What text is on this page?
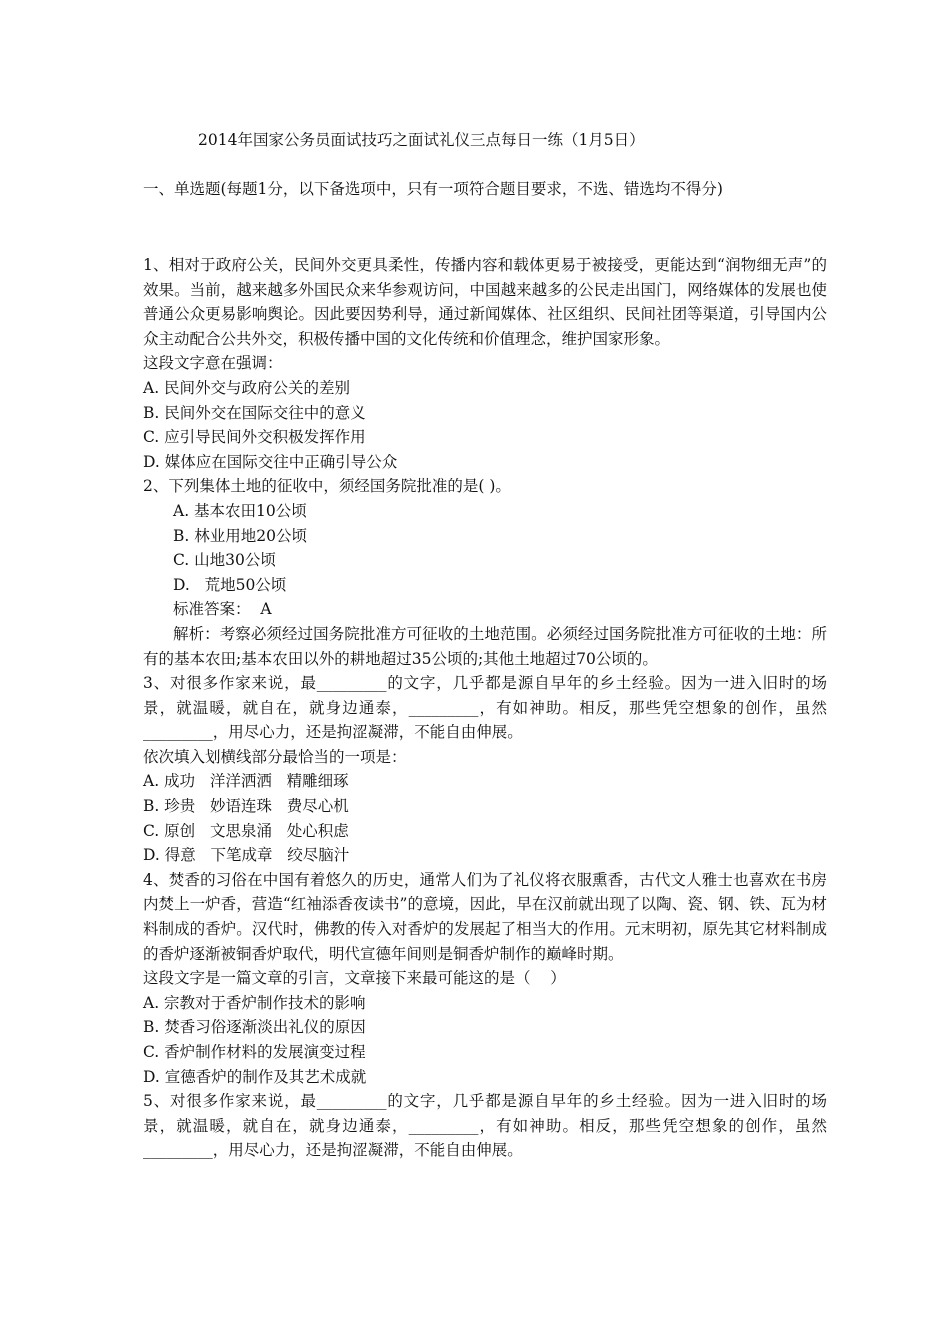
2014年国家公务员面试技巧之面试礼仪三点每日一练（1月5日）
一、单选题(每题1分，以下备选项中，只有一项符合题目要求，不选、错选均不得分)

1、相对于政府公关，民间外交更具柔性，传播内容和载体更易于被接受，更能达到“润物细无声”的效果。当前，越来越多外国民众来华参观访问，中国越来越多的公民走出国门，网络媒体的发展也使普通公众更易影响舆论。因此要因势利导，通过新闻媒体、社区组织、民间社团等渠道，引导国内公众主动配合公共外交，积极传播中国的文化传统和价值理念，维护国家形象。

这段文字意在强调：

A. 民间外交与政府公关的差别

B. 民间外交在国际交往中的意义

C. 应引导民间外交积极发挥作用

D. 媒体应在国际交往中正确引导公众

2、下列集体土地的征收中，须经国务院批准的是( )。

A. 基本农田10公顷

B. 林业用地20公顷

C. 山地30公顷

D.   荒地50公顷

标准答案：  A

解析：考察必须经过国务院批准方可征收的土地范围。必须经过国务院批准方可征收的土地：所有的基本农田;基本农田以外的耕地超过35公顷的;其他土地超过70公顷的。

3、对很多作家来说，最_________的文字，几乎都是源自早年的乡土经验。因为一进入旧时的场景，就温暖，就自在，就身边通泰，_________，有如神助。相反，那些凭空想象的创作，虽然_________，用尽心力，还是拘涩凝滞，不能自由伸展。

依次填入划横线部分最恰当的一项是：

A. 成功   洋洋洒洒   精雕细琢

B. 珍贵   妙语连珠   费尽心机

C. 原创   文思泉涌   处心积虑

D. 得意   下笔成章   绞尽脑汁

4、焚香的习俗在中国有着悠久的历史，通常人们为了礼仪将衣服熏香，古代文人雅士也喜欢在书房内焚上一炉香，营造“红袖添香夜读书”的意境，因此，早在汉前就出现了以陶、瓷、钢、铁、瓦为材料制成的香炉。汉代时，佛教的传入对香炉的发展起了相当大的作用。元末明初，原先其它材料制成的香炉逐渐被铜香炉取代，明代宣德年间则是铜香炉制作的巅峰时期。

这段文字是一篇文章的引言，文章接下来最可能这的是（    ）

A. 宗教对于香炉制作技术的影响

B. 焚香习俗逐渐淡出礼仪的原因

C. 香炉制作材料的发展演变过程

D. 宣德香炉的制作及其艺术成就

5、对很多作家来说，最_________的文字，几乎都是源自早年的乡土经验。因为一进入旧时的场景，就温暖，就自在，就身边通泰，_________，有如神助。相反，那些凭空想象的创作，虽然_________，用尽心力，还是拘涩凝滞，不能自由伸展。
